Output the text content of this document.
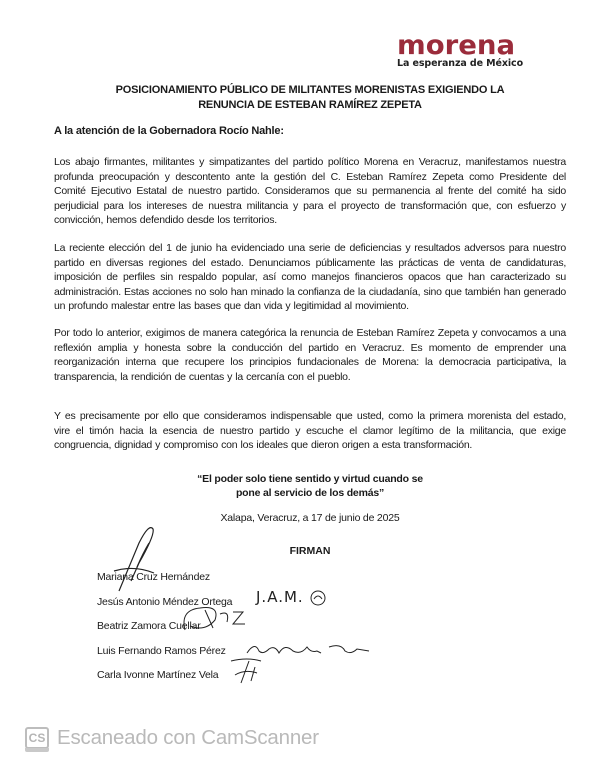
morena
La esperanza de México
POSICIONAMIENTO PÚBLICO DE MILITANTES MORENISTAS EXIGIENDO LA
RENUNCIA DE ESTEBAN RAMÍREZ ZEPETA
A la atención de la Gobernadora Rocío Nahle:
Los abajo firmantes, militantes y simpatizantes del partido político Morena en Veracruz, manifestamos nuestra profunda preocupación y descontento ante la gestión del C. Esteban Ramírez Zepeta como Presidente del Comité Ejecutivo Estatal de nuestro partido. Consideramos que su permanencia al frente del comité ha sido perjudicial para los intereses de nuestra militancia y para el proyecto de transformación que, con esfuerzo y convicción, hemos defendido desde los territorios.
La reciente elección del 1 de junio ha evidenciado una serie de deficiencias y resultados adversos para nuestro partido en diversas regiones del estado. Denunciamos públicamente las prácticas de venta de candidaturas, imposición de perfiles sin respaldo popular, así como manejos financieros opacos que han caracterizado su administración. Estas acciones no solo han minado la confianza de la ciudadanía, sino que también han generado un profundo malestar entre las bases que dan vida y legitimidad al movimiento.
Por todo lo anterior, exigimos de manera categórica la renuncia de Esteban Ramírez Zepeta y convocamos a una reflexión amplia y honesta sobre la conducción del partido en Veracruz. Es momento de emprender una reorganización interna que recupere los principios fundacionales de Morena: la democracia participativa, la transparencia, la rendición de cuentas y la cercanía con el pueblo.
Y es precisamente por ello que consideramos indispensable que usted, como la primera morenista del estado, vire el timón hacia la esencia de nuestro partido y escuche el clamor legítimo de la militancia, que exige congruencia, dignidad y compromiso con los ideales que dieron origen a esta transformación.
“El poder solo tiene sentido y virtud cuando se
pone al servicio de los demás”
Xalapa, Veracruz, a 17 de junio de 2025
FIRMAN
Mariana Cruz Hernández
Jesús Antonio Méndez Ortega J.A.M.
Beatriz Zamora Cuellar
Luis Fernando Ramos Pérez
Carla Ivonne Martínez Vela
CS Escaneado con CamScanner
